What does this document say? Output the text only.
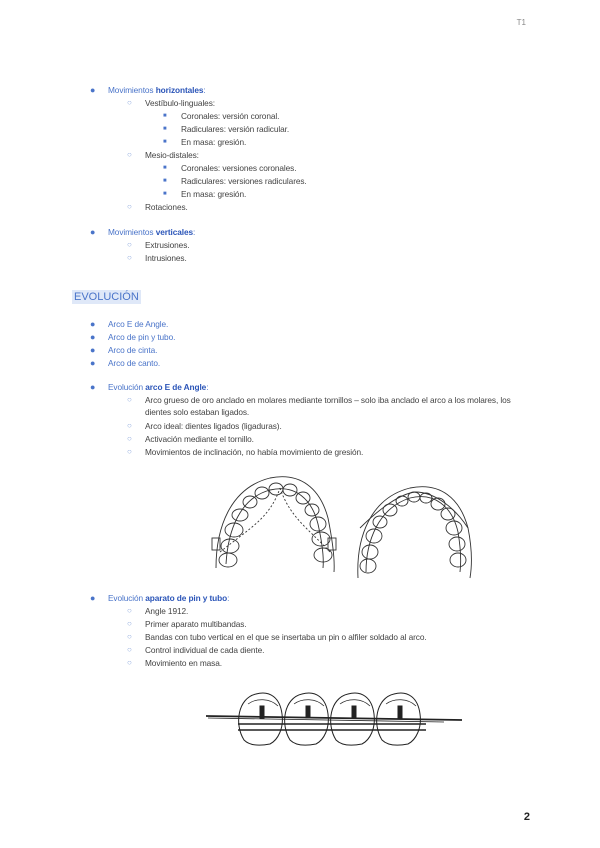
T1
● Movimientos horizontales:
○ Vestíbulo-linguales:
■ Coronales: versión coronal.
■ Radiculares: versión radicular.
■ En masa: gresión.
○ Mesio-distales:
■ Coronales: versiones coronales.
■ Radiculares: versiones radiculares.
■ En masa: gresión.
○ Rotaciones.
● Movimientos verticales:
○ Extrusiones.
○ Intrusiones.
EVOLUCIÓN
● Arco E de Angle.
● Arco de pin y tubo.
● Arco de cinta.
● Arco de canto.
● Evolución arco E de Angle:
○ Arco grueso de oro anclado en molares mediante tornillos – solo iba anclado el arco a los molares, los dientes solo estaban ligados.
○ Arco ideal: dientes ligados (ligaduras).
○ Activación mediante el tornillo.
○ Movimientos de inclinación, no había movimiento de gresión.
● Evolución aparato de pin y tubo:
○ Angle 1912.
○ Primer aparato multibandas.
○ Bandas con tubo vertical en el que se insertaba un pin o alfiler soldado al arco.
○ Control individual de cada diente.
○ Movimiento en masa.
2
